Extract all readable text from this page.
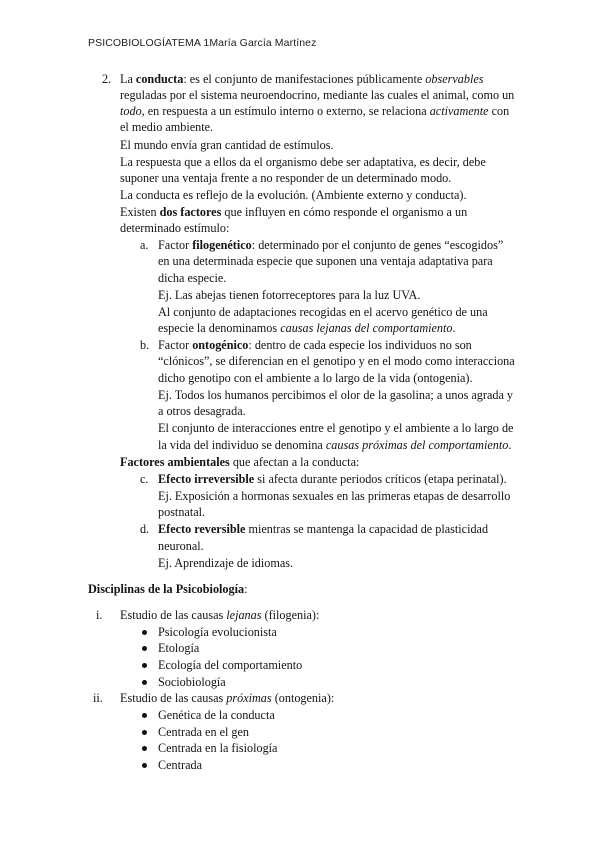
PSICOBIOLOGÍATEMA 1María García Martínez
2. La conducta: es el conjunto de manifestaciones públicamente observables
reguladas por el sistema neuroendocrino, mediante las cuales el animal, como un
todo, en respuesta a un estímulo interno o externo, se relaciona activamente con
el medio ambiente.
El mundo envía gran cantidad de estímulos.
La respuesta que a ellos da el organismo debe ser adaptativa, es decir, debe
suponer una ventaja frente a no responder de un determinado modo.
La conducta es reflejo de la evolución. (Ambiente externo y conducta).
Existen dos factores que influyen en cómo responde el organismo a un
determinado estímulo:
a. Factor filogenético: determinado por el conjunto de genes “escogidos”
en una determinada especie que suponen una ventaja adaptativa para
dicha especie.
Ej. Las abejas tienen fotorreceptores para la luz UVA.
Al conjunto de adaptaciones recogidas en el acervo genético de una
especie la denominamos causas lejanas del comportamiento.
b. Factor ontogénico: dentro de cada especie los individuos no son
“clónicos”, se diferencian en el genotipo y en el modo como interacciona
dicho genotipo con el ambiente a lo largo de la vida (ontogenia).
Ej. Todos los humanos percibimos el olor de la gasolina; a unos agrada y
a otros desagrada.
El conjunto de interacciones entre el genotipo y el ambiente a lo largo de
la vida del individuo se denomina causas próximas del comportamiento.
Factores ambientales que afectan a la conducta:
c. Efecto irreversible si afecta durante periodos críticos (etapa perinatal).
Ej. Exposición a hormonas sexuales en las primeras etapas de desarrollo
postnatal.
d. Efecto reversible mientras se mantenga la capacidad de plasticidad
neuronal.
Ej. Aprendizaje de idiomas.
Disciplinas de la Psicobiología:
i. Estudio de las causas lejanas (filogenia):
Psicología evolucionista
Etología
Ecología del comportamiento
Sociobiología
ii. Estudio de las causas próximas (ontogenia):
Genética de la conducta
Centrada en el gen
Centrada en la fisiología
Centrada
